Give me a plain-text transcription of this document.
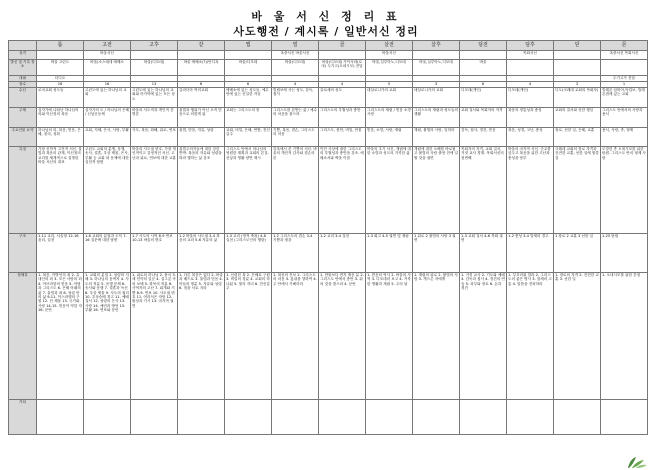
바 울 서 신 정 리 표
사도행전 / 계시록 / 일반서신 정리
	롬	고전	고후	갈	엡	빌	골	살전	살후	딤전	딤후	딛	몬
성격		바울서신				옥중서신 바울서신		바울서신			목회서신		옥중서신 목회서신
발신 및 기록 장소	바울 고린도	바울(소스데네 에베소	바울(디모데)	바울 에베소(?)/안디옥	바울/디모데	바울(디모데)	바울(디모데) 가이사랴(로마) 두기고(오네시모) 전달	바울,실루아노,디모데	바울,실루아노,디모데	바울			
대필	더디오												두기고가 전달
장수	16	16	13	6	6	4	4	5	3	6	4	3	1
수신	로마교회 성도들	고린도에 있는 하나님의 교회	고린도에 있는 하나님의 교회와 아가야에 있는 모든 성도	갈라디아 여러교회	에베소에 있는 성도들, 예수안에 있는 신실한 자들	빌립보에 사는 성도, 감독, 집사	골로새의 성도	데살로니가의 교회	데살로니가의 교회	디모데(개인)	디모데(개인)	디도(크레데 교회의 목회자)	빌레몬 압비아,아킵보, 빌레몬집에 있는 교회
주제	십자가에 나타난 하나님의 의와 이신칭의 복음	십자가의 도 / 하나님의 은혜 / 신앙공동체	바울의 사도직과 개인적 증명론	율법과 행위가 아닌 오직 믿음으로 의롭게 됨	교회는 그리스도의 몸	그리스도를 본받는 삶 / 예수의 마음을 품으라	그리스도의 우월성과 충만	그리스도의 재림 / 믿음 소망 사랑	그리스도의 재림과 성도들의 생활	교회 질서와 목회자의 자격	복음의 정통성과 충성	교회의 질서와 선한 행실	그리스도 안에서의 사랑과 용서
주요인물 요약	하나님의 의, 복음, 믿음, 은혜, 칭의, 성화	교회, 지혜, 은사, 사랑, 부활	사도, 복음, 화해, 위로, 연보	율법, 믿음, 자유, 성령	교회, 비밀, 은혜, 연합, 전신갑주	기쁨, 복음, 겸손, 그리스도의 마음	그리스도, 충만, 비밀, 만물	믿음, 소망, 사랑, 재림	재림, 불법의 사람, 일하라	감독, 집사, 경건, 믿음	복음, 성경, 고난, 충성	장로, 선한 일, 은혜, 교훈	용서, 사랑, 종, 형제
특징	가장 신학적 고전적 서신. 율법과 복음의 관계, 이신칭의 교리를 체계적으로 설명한 바울 서신의 대표	고린도 교회의 분쟁, 음행, 송사, 결혼, 우상 제물, 은사, 부활 등 교회 내 문제에 대한 실천적 답변	바울의 사도권 변호, 가장 개인적이고 감정적인 서신. 고난과 위로, 연보에 대한 교훈	율법주의자들에 대한 강한 반박. 복음의 자유와 성령을 따라 행하는 삶 강조	그리스도 안에서 하나님의 영원한 계획과 교회의 본질. 신앙과 생활 양면 제시	감옥에서 쓴 기쁨의 서신. 바울의 개인적 감사와 겸손의 본	이단 사상에 대한 그리스도의 우월성과 충만을 강조. 에베소서와 짝을 이룸	바울의 초기 서신, 재림에 대한 소망과 성도의 거룩한 삶	재림에 대한 오해를 바로잡고 불법의 사람 출현 전에 일할 것을 권면	목회자의 자격, 교회 질서, 거짓 교사 경계. 목회서신의 첫번째	바울의 마지막 서신. 순교를 앞두고 복음을 위한 고난과 충성을 당부	크레데 교회의 장로 자격과 건전한 교훈, 선한 일에 힘쓸 것	도망한 종 오네시모를 위한 탄원. 그리스도 안의 형제 사랑
구조	1-11 교리, 서술형 12-16 윤리, 실천	1-6 교회의 분열과 도덕 7-16 질문에 대한 답변	1-7 사도의 사역 8-9 연보 10-13 바울의 변호	1-2 바울의 사도권 3-4 복음의 교리 5-6 자유의 삶	1-3 교리 (영적 축복) 4-6 실천 (그리스도인의 행함)	1-2 그리스도의 겸손 3-4 기쁨과 평강	1-2 교리 3-4 실천	1-3 회고 4-5 권면 및 재림	1 위로 2 불법의 사람 3 권면	1-3 교회 질서 4-6 목회 권면	1-2 충성 3-4 말세의 경고	1 장로 2 교훈 3 선한 일	1-25 탄원
정체록	1. 복음, 이방인의 죄 2. 유대인의 죄 3. 모든 사람의 죄 4. 아브라함의 믿음 5. 아담과 그리스도 6. 은혜 아래의 삶 7. 율법과 죄 8. 성령 안의 삶 9-11. 이스라엘의 구원 12. 산 제물 13. 국가와 사랑 14-15. 믿음이 약한 자 16. 문안	1. 교회의 분열 2. 성령의 지혜 3. 하나님의 동역자 4. 사도의 직분 5. 음행 문제 6. 송사와 음행 7. 결혼과 독신 8. 우상 제물 9. 사도의 권리 10. 우상숭배 경고 11. 예배 질서 12. 성령의 은사 13. 사랑 14. 예언과 방언 15. 부활 16. 연보와 문안	1. 위로의 하나님 2. 용서 3. 새 언약의 일꾼 4. 질그릇 속의 보배 5. 화목의 직분 6. 사역자의 고난 7. 회개와 기쁨 8-9. 연보 10. 사도권 변호 11. 어리석은 자랑 12. 환상과 가시 13. 마지막 권면	1. 다른 복음은 없다 2. 바울과 베드로 3. 율법과 믿음 4. 아들의 명분 5. 자유와 성령 6. 짐을 서로 지라	1. 신령한 복 2. 은혜로 구원 3. 비밀의 경륜 4. 교회의 하나됨 5. 빛의 자녀 6. 전신갑주	1. 복음의 진보 2. 그리스도의 마음 3. 푯대를 향하여 4. 주 안에서 기뻐하라	1. 만물보다 먼저 계신 분 2. 그리스도 안에서 충만 3. 위의 것을 찾으라 4. 문안	1. 믿음의 역사 2. 바울의 사역 3. 디모데의 보고 4. 거룩한 생활과 재림 5. 주의 날	1. 재림의 위로 2. 불법의 사람 3. 게으른 자에게	1. 거짓 교사 2. 기도와 예배 3. 감독과 집사 4. 경건의 연습 5. 과부와 장로 6. 돈과 경건	1. 부끄러워 말라 2. 그리스도의 좋은 병사 3. 말세의 고통 4. 말씀을 전파하라	1. 장로의 자격 2. 건전한 교훈 3. 선한 일	1. 오네시모를 위한 간청
기타													
